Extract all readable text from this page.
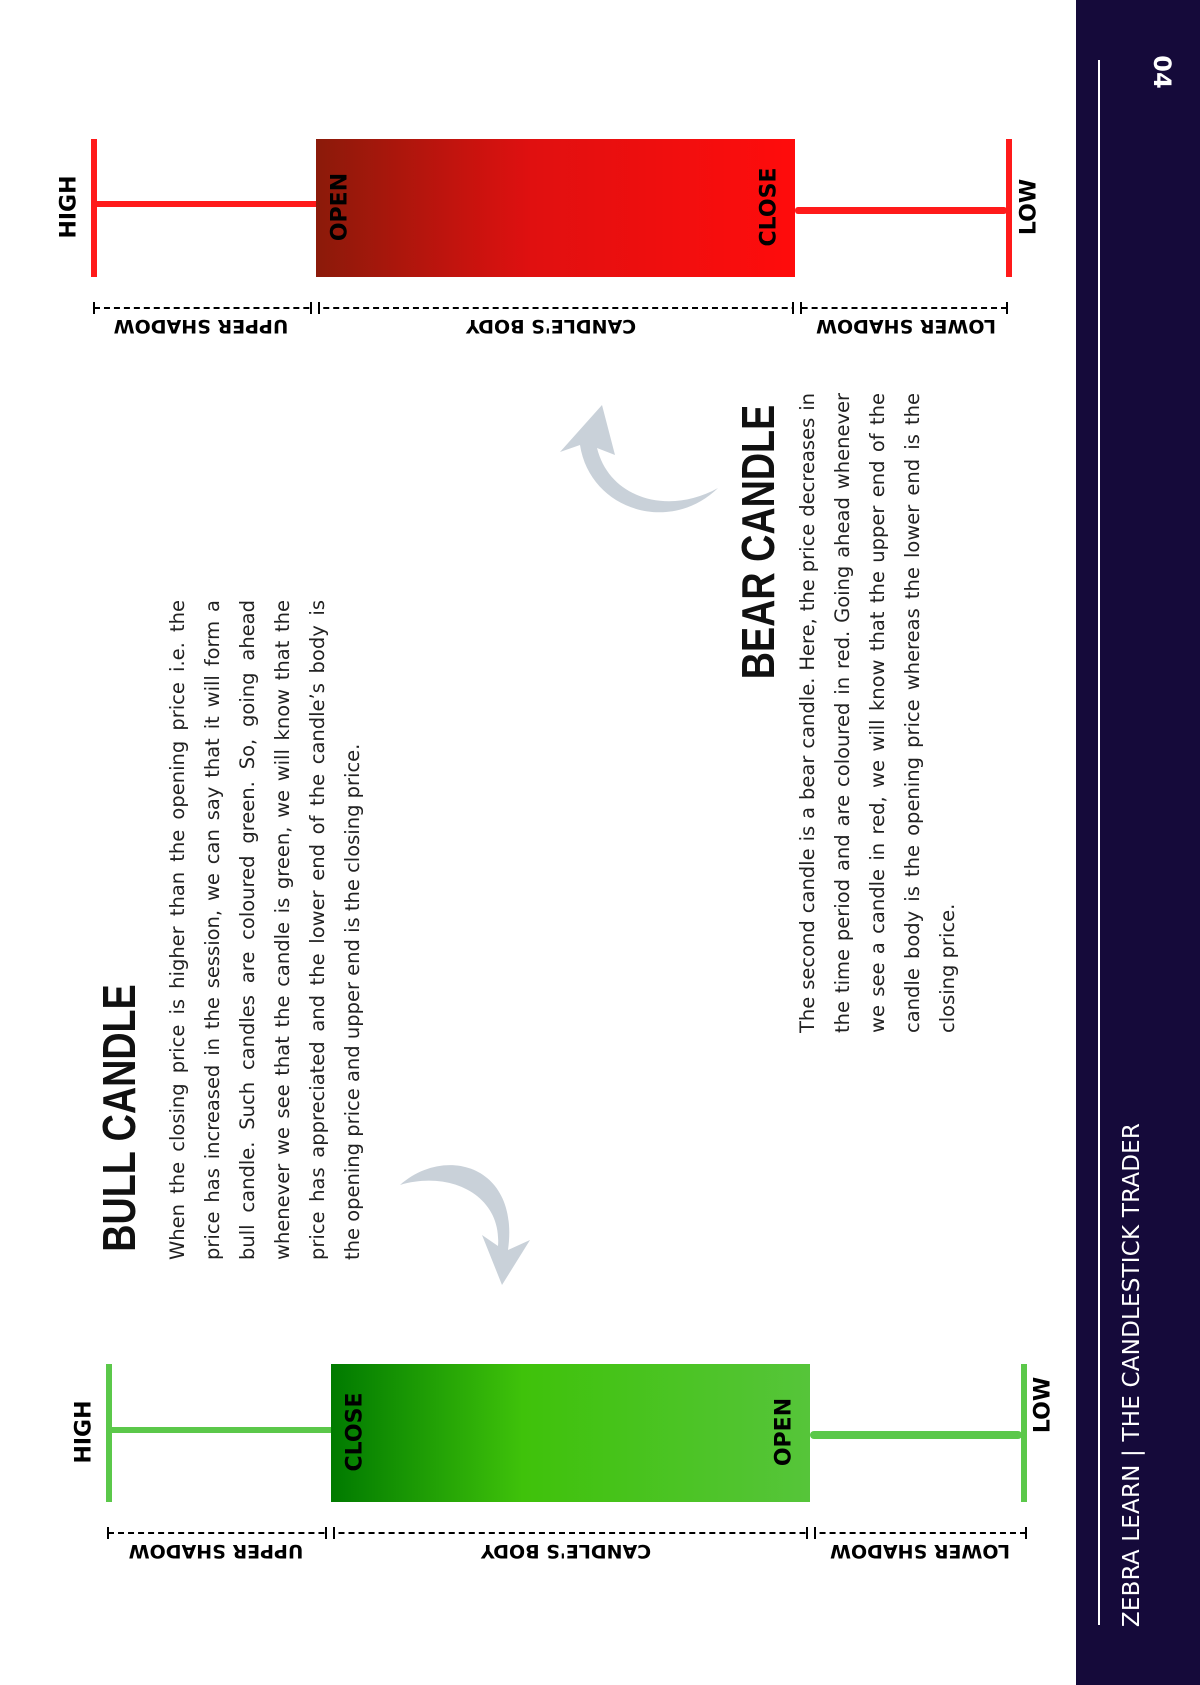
HIGH	OPEN	CLOSE	LOW
UPPER SHADOW	CANDLE'S BODY	LOWER SHADOW
HIGH	CLOSE	OPEN	LOW
UPPER SHADOW	CANDLE'S BODY	LOWER SHADOW
BULL CANDLE	When the closing price is higher than the opening price i.e. the price has increased in the session, we can say that it will form a bull candle. Such candles are coloured green. So, going ahead whenever we see that the candle is green, we will know that the price has appreciated and the lower end of the candle’s body is the opening price and upper end is the closing price.
BEAR CANDLE The second candle is a bear candle. Here, the price decreases in the time period and are coloured in red. Going ahead whenever we see a candle in red, we will know that the upper end of the candle body is the opening price whereas the lower end is the closing price.
04
ZEBRA LEARN | THE CANDLESTICK TRADER
